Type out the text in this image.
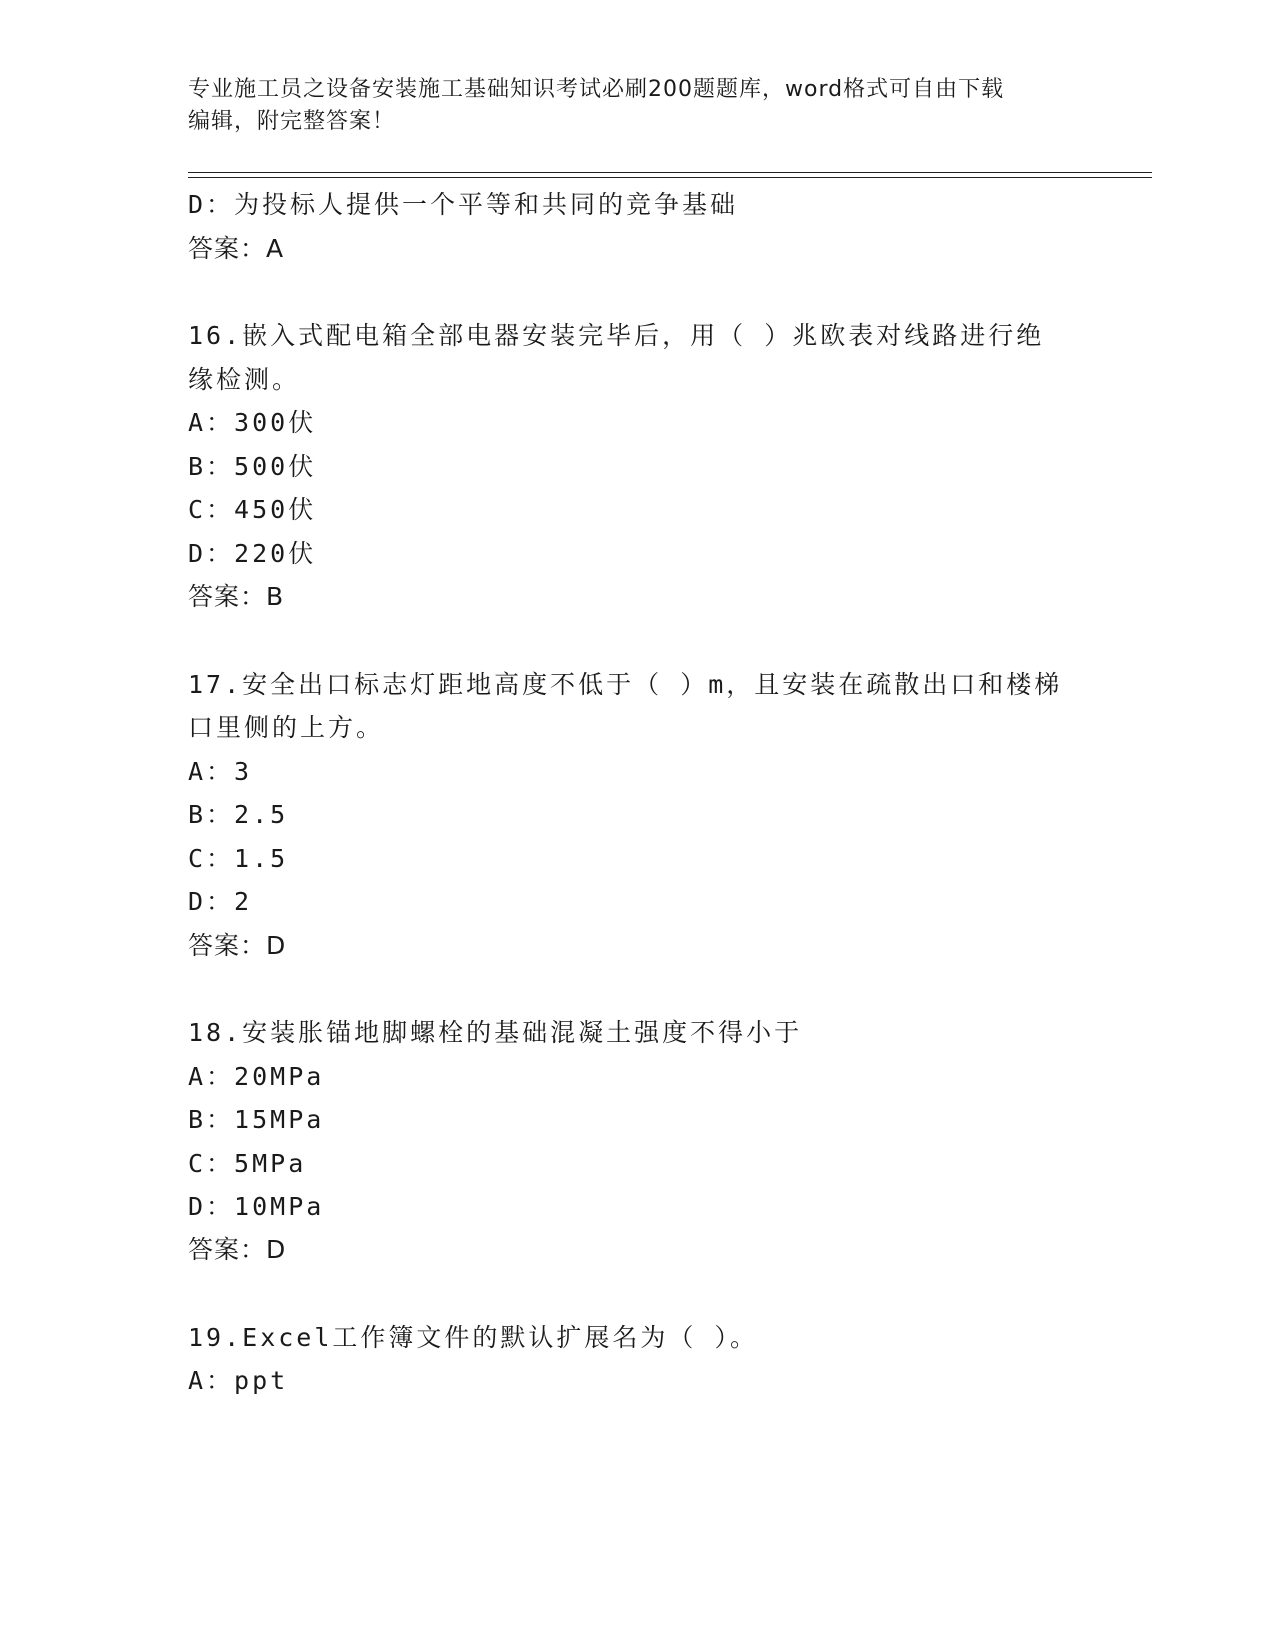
专业施工员之设备安装施工基础知识考试必刷200题题库，word格式可自由下载
编辑，附完整答案！
D：为投标人提供一个平等和共同的竞争基础
答案：A
16.嵌入式配电箱全部电器安装完毕后，用（ ）兆欧表对线路进行绝
缘检测。
A：300伏
B：500伏
C：450伏
D：220伏
答案：B
17.安全出口标志灯距地高度不低于（ ）m，且安装在疏散出口和楼梯
口里侧的上方。
A：3
B：2.5
C：1.5
D：2
答案：D
18.安装胀锚地脚螺栓的基础混凝土强度不得小于
A：20MPa
B：15MPa
C：5MPa
D：10MPa
答案：D
19.Excel工作簿文件的默认扩展名为（ ）。
A：ppt
